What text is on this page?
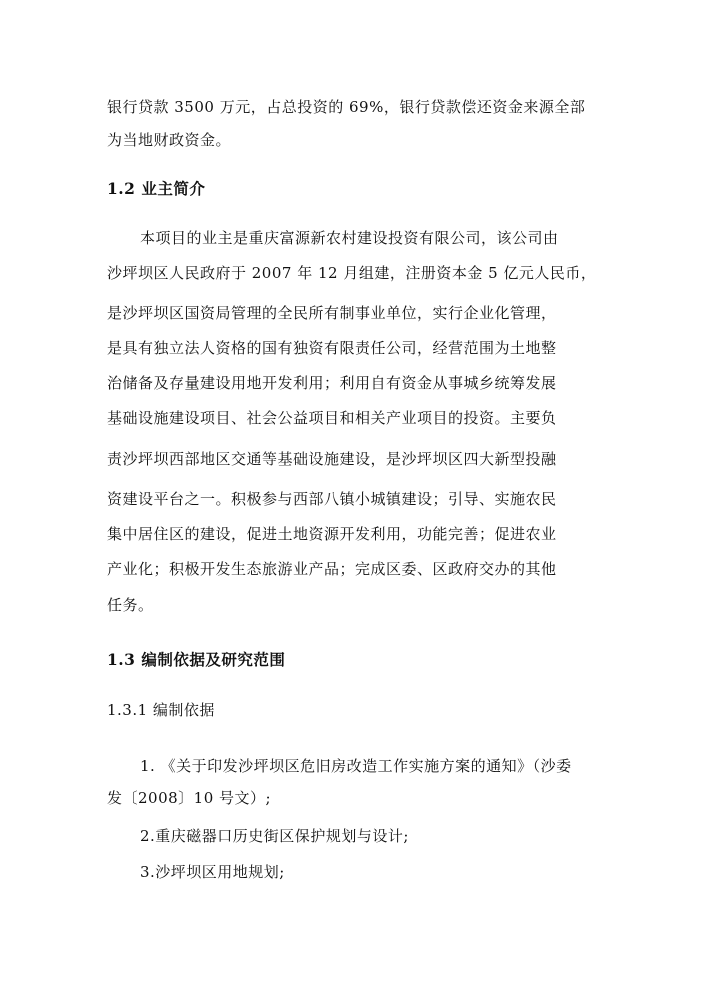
银行贷款 3500 万元，占总投资的 69%，银行贷款偿还资金来源全部
为当地财政资金。
1.2 业主简介
本项目的业主是重庆富源新农村建设投资有限公司，该公司由
沙坪坝区人民政府于 2007 年 12 月组建，注册资本金 5 亿元人民币，
是沙坪坝区国资局管理的全民所有制事业单位，实行企业化管理，
是具有独立法人资格的国有独资有限责任公司，经营范围为土地整
治储备及存量建设用地开发利用；利用自有资金从事城乡统筹发展
基础设施建设项目、社会公益项目和相关产业项目的投资。主要负
责沙坪坝西部地区交通等基础设施建设，是沙坪坝区四大新型投融
资建设平台之一。积极参与西部八镇小城镇建设；引导、实施农民
集中居住区的建设，促进土地资源开发利用，功能完善；促进农业
产业化；积极开发生态旅游业产品；完成区委、区政府交办的其他
任务。
1.3 编制依据及研究范围
1.3.1 编制依据
1. 《关于印发沙坪坝区危旧房改造工作实施方案的通知》（沙委
发〔2008〕10 号文）;
2.重庆磁器口历史街区保护规划与设计;
3.沙坪坝区用地规划;
